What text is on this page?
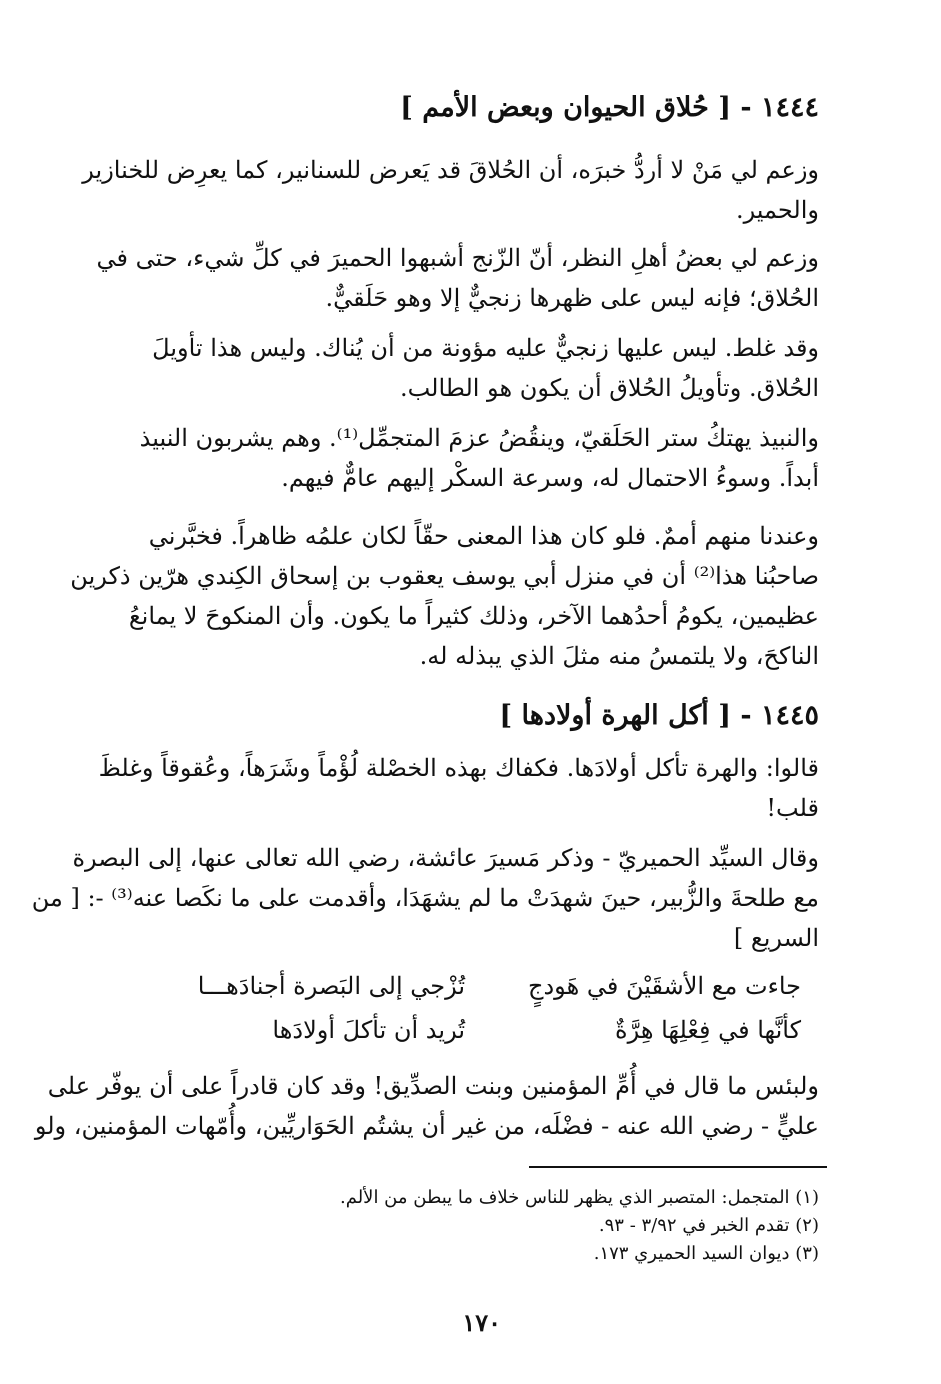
١٤٤٤ - [ حُلاق الحيوان وبعض الأمم ]
وزعم لي مَنْ لا أردُّ خبرَه، أن الحُلاقَ قد يَعرض للسنانير، كما يعرِض للخنازير
والحمير.
وزعم لي بعضُ أهلِ النظر، أنّ الزّنج أشبهوا الحميرَ في كلِّ شيء، حتى في
الحُلاق؛ فإنه ليس على ظهرها زنجيٌّ إلا وهو حَلَقيٌّ.
وقد غلط. ليس عليها زنجيٌّ عليه مؤونة من أن يُناك. وليس هذا تأويلَ
الحُلاق. وتأويلُ الحُلاق أن يكون هو الطالب.
والنبيذ يهتكُ ستر الحَلَقيّ، وينقُضُ عزمَ المتجمِّل⁽¹⁾. وهم يشربون النبيذ
أبداً. وسوءُ الاحتمال له، وسرعة السكْر إليهم عامٌّ فيهم.
وعندنا منهم أممٌ. فلو كان هذا المعنى حقّاً لكان علمُه ظاهراً. فخبَّرني
صاحبُنا هذا⁽²⁾ أن في منزل أبي يوسف يعقوب بن إسحاق الكِندي هرّين ذكرين
عظيمين، يكومُ أحدُهما الآخر، وذلك كثيراً ما يكون. وأن المنكوحَ لا يمانعُ
الناكحَ، ولا يلتمسُ منه مثلَ الذي يبذله له.
١٤٤٥ - [ أكل الهرة أولادها ]
قالوا: والهرة تأكل أولادَها. فكفاك بهذه الخصْلة لُؤْماً وشَرَهاً، وعُقوقاً وغلظَ
قلب!
وقال السيِّد الحميريّ - وذكر مَسيرَ عائشة، رضي الله تعالى عنها، إلى البصرة
مع طلحةَ والزُّبير، حينَ شهدَتْ ما لم يشهَدَا، وأقدمت على ما نكَصا عنه⁽³⁾ -: [ من
السريع ]
جاءت مع الأشقَيْنَ في هَودجٍ
تُزْجي إلى البَصرة أجنادَهـــا
كأنَّها في فِعْلِهَا هِرَّةٌ
تُريد أن تأكلَ أولادَها
ولبئس ما قال في أُمِّ المؤمنين وبنت الصدِّيق! وقد كان قادراً على أن يوفّر على
عليٍّ - رضي الله عنه - فضْلَه، من غير أن يشتُم الحَوَاريِّين، وأُمّهات المؤمنين، ولو
(١) المتجمل: المتصبر الذي يظهر للناس خلاف ما يبطن من الألم.
(٢) تقدم الخبر في ٣/٩٢ - ٩٣.
(٣) ديوان السيد الحميري ١٧٣.
١٧٠
